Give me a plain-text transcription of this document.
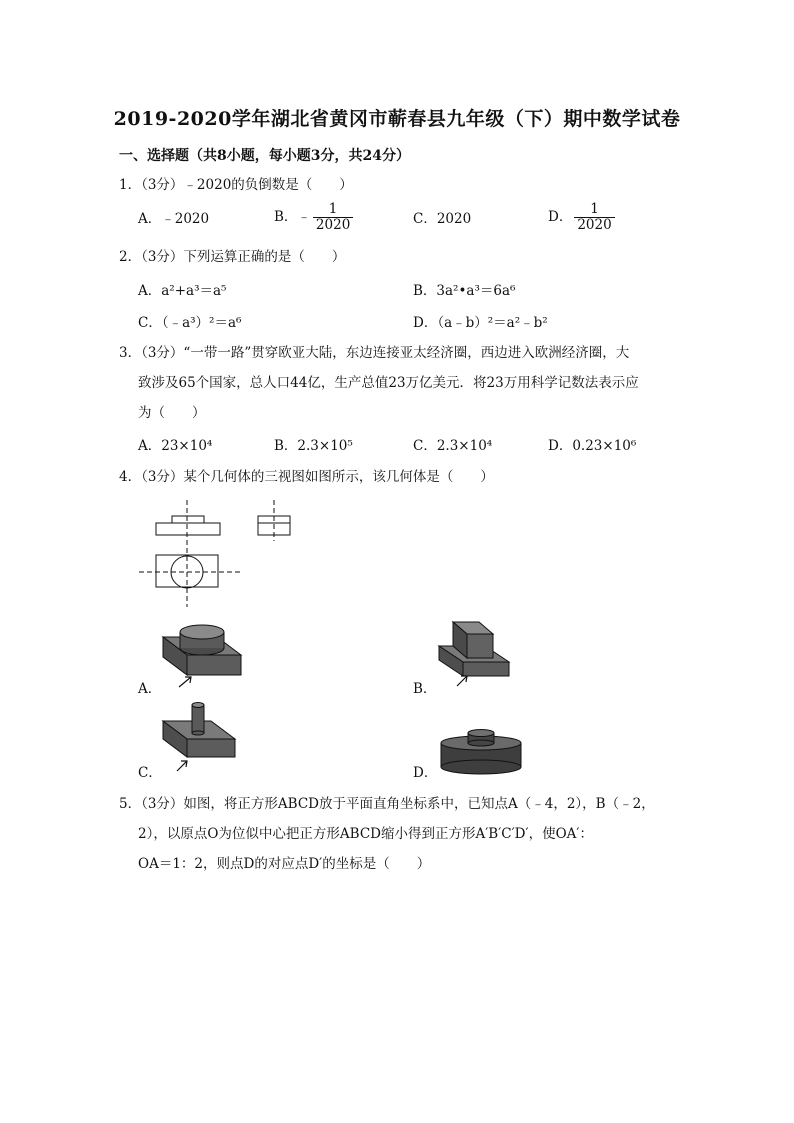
2019-2020学年湖北省黄冈市蕲春县九年级（下）期中数学试卷
一、选择题（共8小题，每小题3分，共24分）
1．（3分）﹣2020的负倒数是（　　）
A．﹣2020	B．﹣ $\frac{1}{2020}$	C．2020	D． $\frac{1}{2020}$
2．（3分）下列运算正确的是（　　）
A．a²+a³＝a⁵	B．3a²•a³＝6a⁶
C．（﹣a³）²＝a⁶	D．（a﹣b）²＝a²﹣b²
3．（3分）“一带一路”贯穿欧亚大陆，东边连接亚太经济圈，西边进入欧洲经济圈，大
致涉及65个国家，总人口44亿，生产总值23万亿美元．将23万用科学记数法表示应
为（　　）
A．23×10⁴	B．2.3×10⁵	C．2.3×10⁴	D．0.23×10⁶
4．（3分）某个几何体的三视图如图所示，该几何体是（　　）
A．	B．
C．	D．
5．（3分）如图，将正方形ABCD放于平面直角坐标系中，已知点A（﹣4，2），B（﹣2，
2），以原点O为位似中心把正方形ABCD缩小得到正方形A′B′C′D′，使OA′：
OA＝1：2，则点D的对应点D′的坐标是（　　）
